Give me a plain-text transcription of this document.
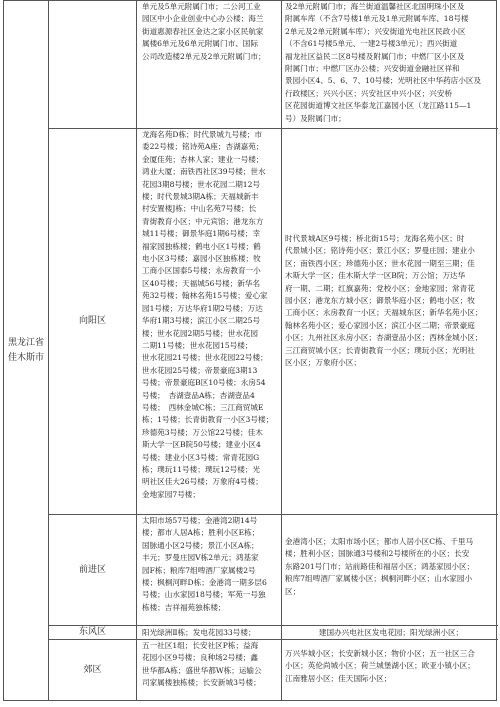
黑龙江省
佳木斯市
单元及5单元附属门市；二公河工业
园区中小企业创业中心办公楼；海兰
街道惠源春社区金达之家小区民航家
属楼6单元及6单元附属门市、国际
公司改造楼2单元及2单元附属门市；
及2单元附属门市；海兰街道温馨社区北国明珠小区及
附属车库（不含7号楼1单元及1单元附属车库、18号楼
2单元及2单元附属车库）；兴安街道光电社区民政小区
（不含61号楼5单元、一建2号楼3单元）；西兴街道
福龙社区益民二区8号楼及附属门市；中燃厂区小区及
附属门市；中燃厂区办公楼；兴安街道金融社区祥和
景园小区4、5、6、7、10号楼；光明社区中华药店小区及
行政楼区；兴兴小区；兴安社区中兴小区；兴安桥
区花园街道博文社区华泰龙江嘉园小区（龙江路115—1
号）及附属门市；
向阳区
龙海名苑D栋；时代景城九号楼；市
委22号楼；铭诗苑A座；杏湖嘉苑；
金厦佳苑；杏林人家；建业一号楼；
鸿业大厦；南铁西社区39号楼；世水
花园3期8号楼；世水花园二期12号
楼；时代景城3期A栋；天福城新丰
村安置楼J栋；中山名苑7号楼；长
青街教育小区；中元宾馆；港龙东方
城11号楼；御景华庭1期6号楼；幸
福家园独栋楼；鹤电小区1号楼；鹤
电小区3号楼；嘉园小区独栋楼；牧
工商小区国泰5号楼；永房教育一小
区40号楼；天福城56号楼；新华名
苑32号楼；翰林名苑15号楼；爱心家
园1号楼；万达华府1期2号楼；万达
华府1期3号楼；滨江小区二期25号
楼；世水花园2期5号楼；世水花园
二期11号楼；世水花园15号楼；
世水花园21号楼；世水花园22号楼；
世水花园25号楼；帝景豪庭3期13
号楼；帝景豪庭B区10号楼；永房54
号楼；　杏湖壹品A栋；杏湖壹品4
号楼；　西林金城C栋；三江商贸城E
栋；1号楼；长青街教育一小区3号楼；
珍德苑3号楼；万公馆22号楼；佳木
斯大学一区B院50号楼；建业小区4
号楼；建业小区3号楼；常青花园G
栋；璞玩11号楼；璞玩12号楼；光
明社区佳大26号楼；万象府4号楼；
金地家园7号楼；
时代景城A区9号楼；桥北街15号；龙海名苑小区；时
代景城小区；铭诗苑小区；景江小区；罗曼庄园；建业小
区；南铁西小区；珍德苑小区；世水花园一期至三期；佳
木斯大学一区；佳木斯大学一区B院；万公馆；万达华
府一期、二期；红旗嘉苑；党校小区；金地家园；常青花
园小区；港龙东方城小区；御景华庭小区；鹤电小区；牧
工商小区；永房教育一小区；天福城东区；新华名苑小区；
翰林名苑小区；爱心家园小区；滨江小区二期；帝景豪庭
小区；九州社区永房小区；杏湖壹品小区；西林金城小区；
三江商贸城小区；长青街教育一小区；璞玩小区；光明社
区小区；万象府小区；
前进区
太阳市场57号楼；金港湾2期14号
楼；都市人居A栋；胜利小区E栋；
国脉通小区2号楼；景江小区A栋；
丰元；罗曼庄园V栋2单元；鸿基家
园F栋；粮库7组啤酒厂家属楼2号
楼；枫桐河畔D栋；金港湾一期多层6
号楼；山水家园18号楼；军苑一号独
栋楼；吉祥福苑独栋楼；
金港湾小区；太阳市场小区；都市人居小区C栋、千里马
楼；胜利小区；国脉通3号楼和2号楼所在的小区；长安
东路201号门市；站前路佳和福居小区；鸿基家园小区；
粮库7组啤酒厂家属楼小区；枫桐河畔小区；山水家园小
区；
东风区	阳光绿洲Ⅱ栋；发电花园33号楼；	建国办兴电社区发电花园；阳光绿洲小区；
郊区
五一社区1组；长安社区P栋；益海
花园小区9号楼；良种场2号楼；鑫
世华都A栋；盛世华都W栋；运输公
司家属楼独栋楼；长安新城3号楼；
万兴华城小区；长安新城小区；物价小区；五一社区三合
小区；英伦尚城小区；荷兰城堡湖小区；欧亚小镇小区；
江南雅居小区；佳天国际小区；
